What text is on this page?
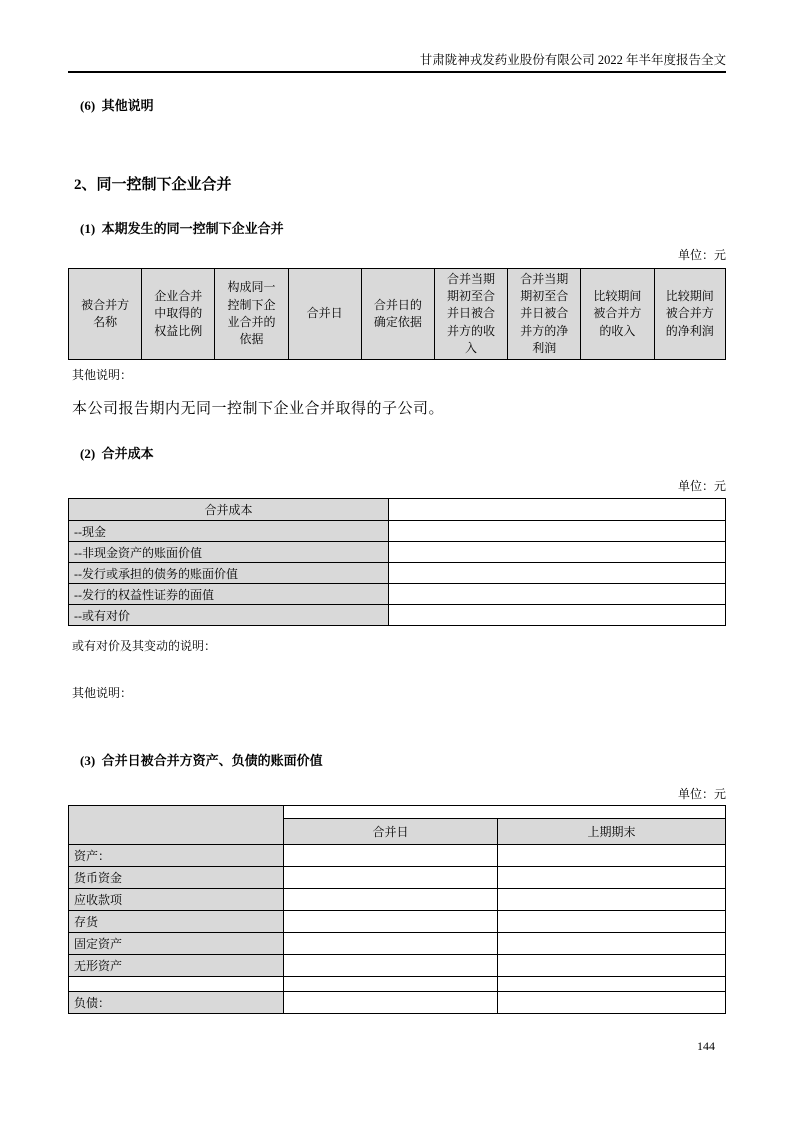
甘肃陇神戎发药业股份有限公司 2022 年半年度报告全文
(6)  其他说明
2、同一控制下企业合并
(1)  本期发生的同一控制下企业合并
单位：元
被合并方名称	企业合并中取得的权益比例	构成同一控制下企业合并的依据	合并日	合并日的确定依据	合并当期期初至合并日被合并方的收入	合并当期期初至合并日被合并方的净利润	比较期间被合并方的收入	比较期间被合并方的净利润
其他说明：
本公司报告期内无同一控制下企业合并取得的子公司。
(2)  合并成本
单位：元
合并成本	
--现金	
--非现金资产的账面价值	
--发行或承担的债务的账面价值	
--发行的权益性证券的面值	
--或有对价	
或有对价及其变动的说明：
其他说明：
(3)  合并日被合并方资产、负债的账面价值
单位：元

	合并日	上期期末
资产：		
货币资金		
应收款项		
存货		
固定资产		
无形资产		

负债：		
144
